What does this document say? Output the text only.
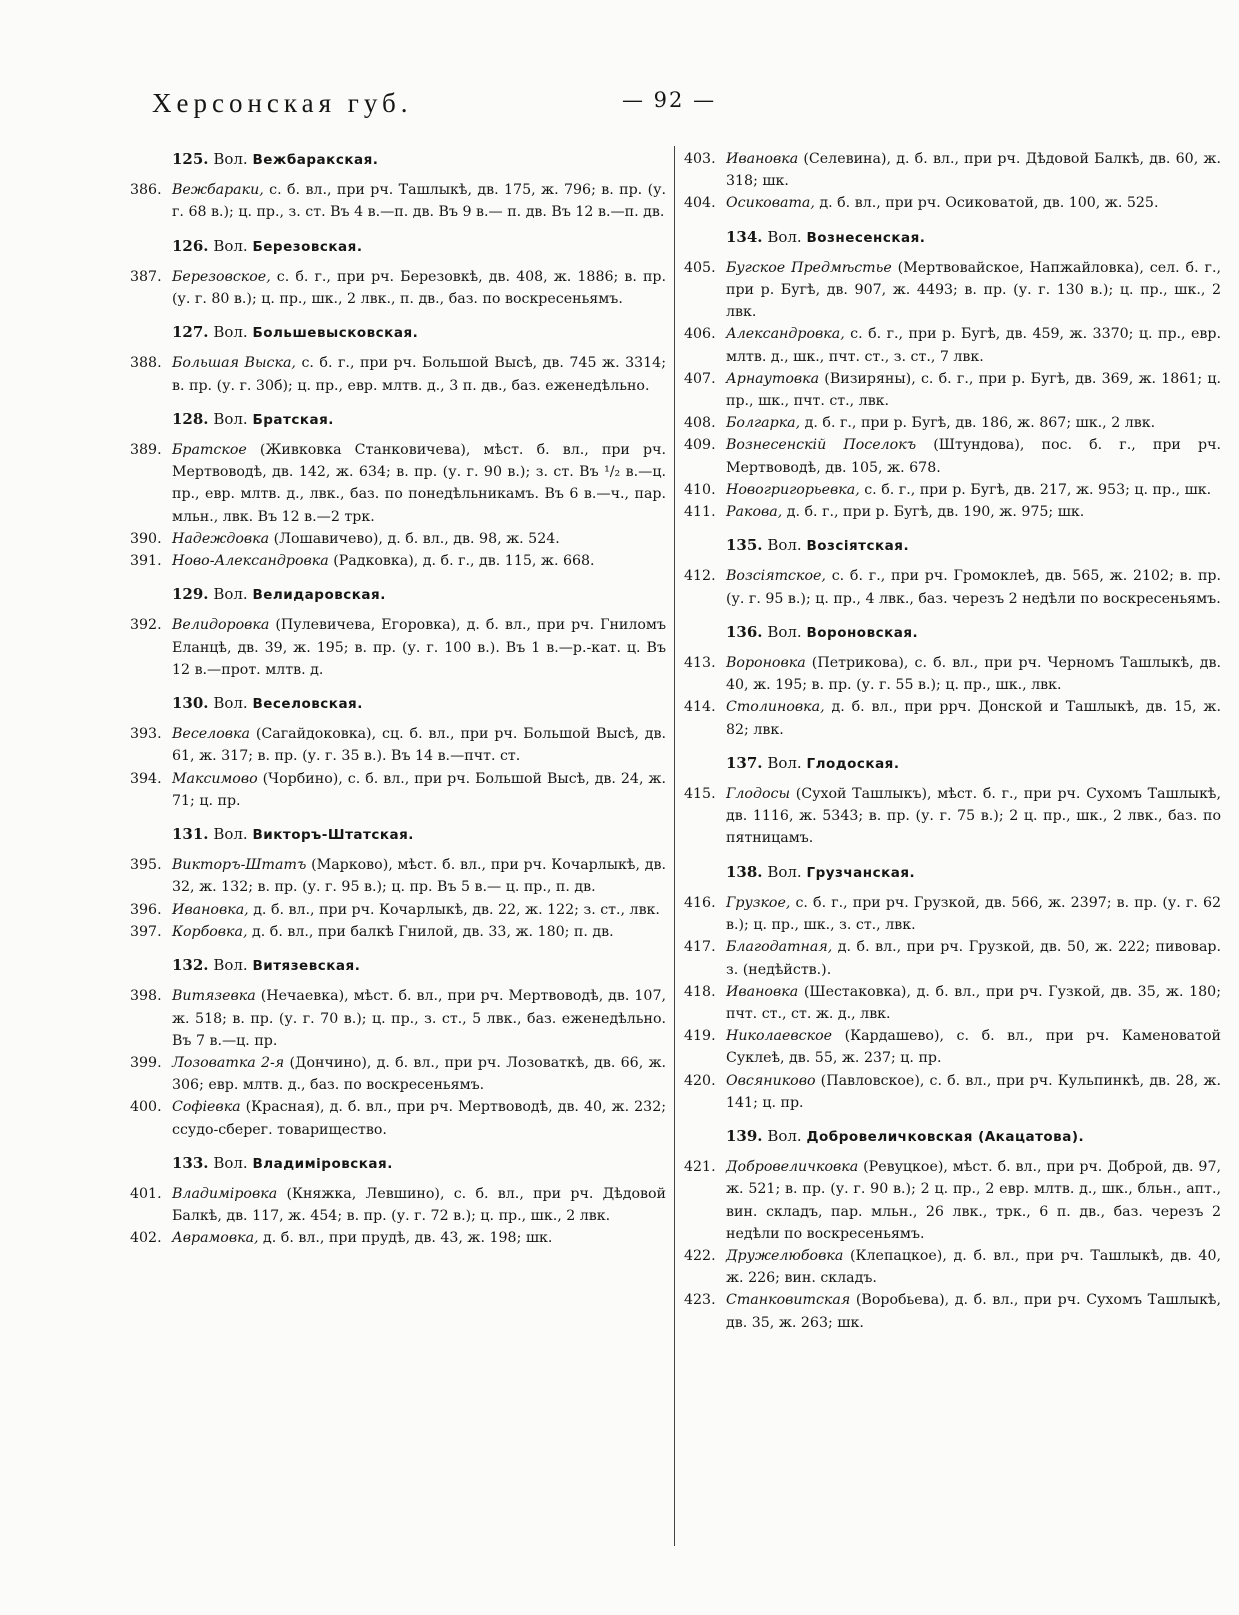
Херсонская губ.	— 92 —
125. Вол. Вежбаракская.
386. Вежбараки, с. б. вл., при рч. Ташлыкѣ, дв. 175, ж. 796; в. пр. (у. г. 68 в.); ц. пр., з. ст. Въ 4 в.—п. дв. Въ 9 в.— п. дв. Въ 12 в.—п. дв.
126. Вол. Березовская.
387. Березовское, с. б. г., при рч. Березовкѣ, дв. 408, ж. 1886; в. пр. (у. г. 80 в.); ц. пр., шк., 2 лвк., п. дв., баз. по воскресеньямъ.
127. Вол. Большевысковская.
388. Большая Выска, с. б. г., при рч. Большой Высѣ, дв. 745 ж. 3314; в. пр. (у. г. 30б); ц. пр., евр. млтв. д., 3 п. дв., баз. еженедѣльно.
128. Вол. Братская.
389. Братское (Живковка Станковичева), мѣст. б. вл., при рч. Мертвоводѣ, дв. 142, ж. 634; в. пр. (у. г. 90 в.); з. ст. Въ ¹/₂ в.—ц. пр., евр. млтв. д., лвк., баз. по понедѣльникамъ. Въ 6 в.—ч., пар. мльн., лвк. Въ 12 в.—2 трк.
390. Надеждовка (Лошавичево), д. б. вл., дв. 98, ж. 524.
391. Ново-Александровка (Радковка), д. б. г., дв. 115, ж. 668.
129. Вол. Велидаровская.
392. Велидоровка (Пулевичева, Егоровка), д. б. вл., при рч. Гниломъ Еланцѣ, дв. 39, ж. 195; в. пр. (у. г. 100 в.). Въ 1 в.—р.-кат. ц. Въ 12 в.—прот. млтв. д.
130. Вол. Веселовская.
393. Веселовка (Сагайдоковка), сц. б. вл., при рч. Большой Высѣ, дв. 61, ж. 317; в. пр. (у. г. 35 в.). Въ 14 в.—пчт. ст.
394. Максимово (Чорбино), с. б. вл., при рч. Большой Высѣ, дв. 24, ж. 71; ц. пр.
131. Вол. Викторъ-Штатская.
395. Викторъ-Штатъ (Марково), мѣст. б. вл., при рч. Кочарлыкѣ, дв. 32, ж. 132; в. пр. (у. г. 95 в.); ц. пр. Въ 5 в.— ц. пр., п. дв.
396. Ивановка, д. б. вл., при рч. Кочарлыкѣ, дв. 22, ж. 122; з. ст., лвк.
397. Корбовка, д. б. вл., при балкѣ Гнилой, дв. 33, ж. 180; п. дв.
132. Вол. Витязевская.
398. Витязевка (Нечаевка), мѣст. б. вл., при рч. Мертвоводѣ, дв. 107, ж. 518; в. пр. (у. г. 70 в.); ц. пр., з. ст., 5 лвк., баз. еженедѣльно. Въ 7 в.—ц. пр.
399. Лозоватка 2-я (Дончино), д. б. вл., при рч. Лозоваткѣ, дв. 66, ж. 306; евр. млтв. д., баз. по воскресеньямъ.
400. Софіевка (Красная), д. б. вл., при рч. Мертвоводѣ, дв. 40, ж. 232; ссудо-сберег. товарищество.
133. Вол. Владиміровская.
401. Владиміровка (Княжка, Левшино), с. б. вл., при рч. Дѣдовой Балкѣ, дв. 117, ж. 454; в. пр. (у. г. 72 в.); ц. пр., шк., 2 лвк.
402. Аврамовка, д. б. вл., при прудѣ, дв. 43, ж. 198; шк.
403. Ивановка (Селевина), д. б. вл., при рч. Дѣдовой Балкѣ, дв. 60, ж. 318; шк.
404. Осиковата, д. б. вл., при рч. Осиковатой, дв. 100, ж. 525.
134. Вол. Вознесенская.
405. Бугское Предмѣстье (Мертвовайское, Напжайловка), сел. б. г., при р. Бугѣ, дв. 907, ж. 4493; в. пр. (у. г. 130 в.); ц. пр., шк., 2 лвк.
406. Александровка, с. б. г., при р. Бугѣ, дв. 459, ж. 3370; ц. пр., евр. млтв. д., шк., пчт. ст., з. ст., 7 лвк.
407. Арнаутовка (Визиряны), с. б. г., при р. Бугѣ, дв. 369, ж. 1861; ц. пр., шк., пчт. ст., лвк.
408. Болгарка, д. б. г., при р. Бугѣ, дв. 186, ж. 867; шк., 2 лвк.
409. Вознесенскій Поселокъ (Штундова), пос. б. г., при рч. Мертвоводѣ, дв. 105, ж. 678.
410. Новогригорьевка, с. б. г., при р. Бугѣ, дв. 217, ж. 953; ц. пр., шк.
411. Ракова, д. б. г., при р. Бугѣ, дв. 190, ж. 975; шк.
135. Вол. Возсіятская.
412. Возсіятское, с. б. г., при рч. Громоклеѣ, дв. 565, ж. 2102; в. пр. (у. г. 95 в.); ц. пр., 4 лвк., баз. черезъ 2 недѣли по воскресеньямъ.
136. Вол. Вороновская.
413. Вороновка (Петрикова), с. б. вл., при рч. Черномъ Ташлыкѣ, дв. 40, ж. 195; в. пр. (у. г. 55 в.); ц. пр., шк., лвк.
414. Столиновка, д. б. вл., при ррч. Донской и Ташлыкѣ, дв. 15, ж. 82; лвк.
137. Вол. Глодоская.
415. Глодосы (Сухой Ташлыкъ), мѣст. б. г., при рч. Сухомъ Ташлыкѣ, дв. 1116, ж. 5343; в. пр. (у. г. 75 в.); 2 ц. пр., шк., 2 лвк., баз. по пятницамъ.
138. Вол. Грузчанская.
416. Грузкое, с. б. г., при рч. Грузкой, дв. 566, ж. 2397; в. пр. (у. г. 62 в.); ц. пр., шк., з. ст., лвк.
417. Благодатная, д. б. вл., при рч. Грузкой, дв. 50, ж. 222; пивовар. з. (недѣйств.).
418. Ивановка (Шестаковка), д. б. вл., при рч. Гузкой, дв. 35, ж. 180; пчт. ст., ст. ж. д., лвк.
419. Николаевское (Кардашево), с. б. вл., при рч. Каменоватой Суклеѣ, дв. 55, ж. 237; ц. пр.
420. Овсяниково (Павловское), с. б. вл., при рч. Кульпинкѣ, дв. 28, ж. 141; ц. пр.
139. Вол. Добровеличковская (Акацатова).
421. Добровеличковка (Ревуцкое), мѣст. б. вл., при рч. Доброй, дв. 97, ж. 521; в. пр. (у. г. 90 в.); 2 ц. пр., 2 евр. млтв. д., шк., бльн., апт., вин. складъ, пар. мльн., 26 лвк., трк., 6 п. дв., баз. черезъ 2 недѣли по воскресеньямъ.
422. Дружелюбовка (Клепацкое), д. б. вл., при рч. Ташлыкѣ, дв. 40, ж. 226; вин. складъ.
423. Станковитская (Воробьева), д. б. вл., при рч. Сухомъ Ташлыкѣ, дв. 35, ж. 263; шк.
